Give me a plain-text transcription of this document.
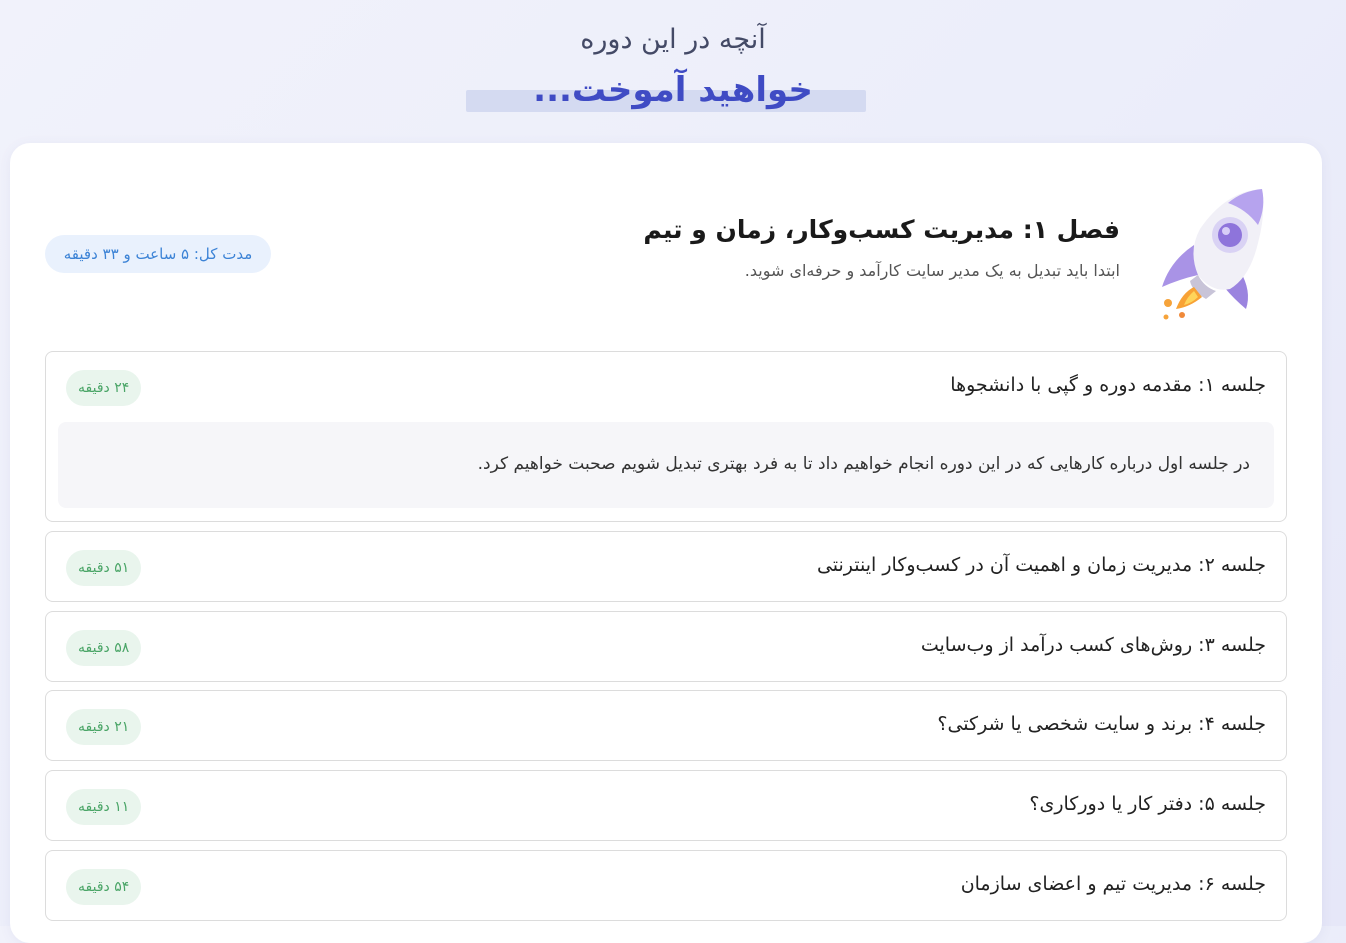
آنچه در این دوره
خواهید آموخت...
فصل ۱: مدیریت کسب‌وکار، زمان و تیم
ابتدا باید تبدیل به یک مدیر سایت کارآمد و حرفه‌ای شوید.
مدت کل: ۵ ساعت و ۳۳ دقیقه
جلسه ۱: مقدمه دوره و گپی با دانشجوها
۲۴ دقیقه
در جلسه اول درباره کارهایی که در این دوره انجام خواهیم داد تا به فرد بهتری تبدیل شویم صحبت خواهیم کرد.
جلسه ۲: مدیریت زمان و اهمیت آن در کسب‌وکار اینترنتی
۵۱ دقیقه
جلسه ۳: روش‌های کسب درآمد از وب‌سایت
۵۸ دقیقه
جلسه ۴: برند و سایت شخصی یا شرکتی؟
۲۱ دقیقه
جلسه ۵: دفتر کار یا دورکاری؟
۱۱ دقیقه
جلسه ۶: مدیریت تیم و اعضای سازمان
۵۴ دقیقه
